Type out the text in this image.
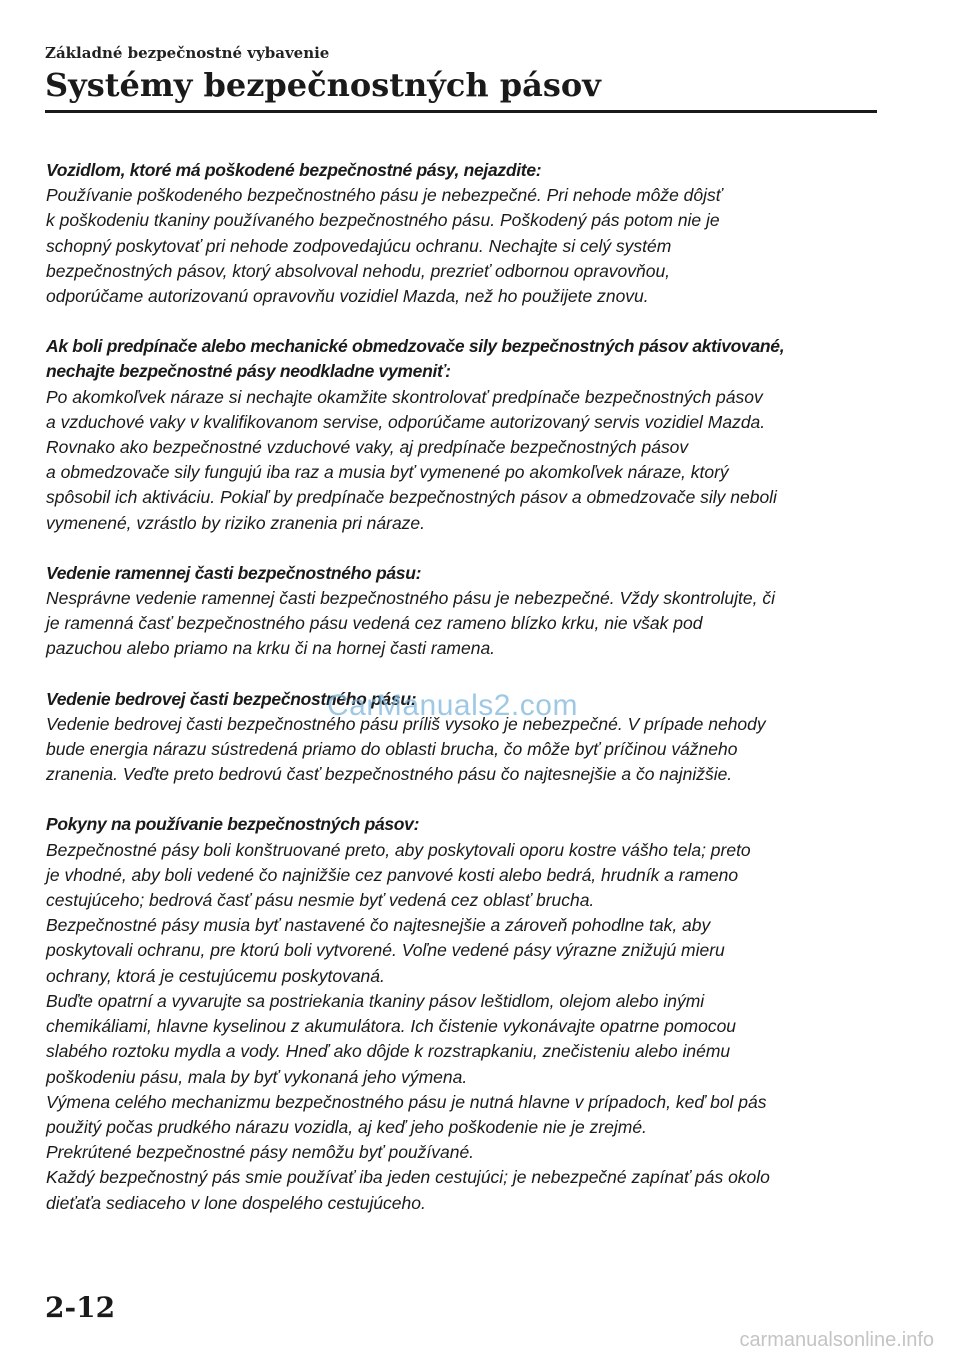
Základné bezpečnostné vybavenie
Systémy bezpečnostných pásov

Vozidlom, ktoré má poškodené bezpečnostné pásy, nejazdite:

Používanie poškodeného bezpečnostného pásu je nebezpečné. Pri nehode môže dôjsť

k poškodeniu tkaniny používaného bezpečnostného pásu. Poškodený pás potom nie je

schopný poskytovať pri nehode zodpovedajúcu ochranu. Nechajte si celý systém

bezpečnostných pásov, ktorý absolvoval nehodu, prezrieť odbornou opravovňou,

odporúčame autorizovanú opravovňu vozidiel Mazda, než ho použijete znovu.

Ak boli predpínače alebo mechanické obmedzovače sily bezpečnostných pásov aktivované,

nechajte bezpečnostné pásy neodkladne vymeniť:

Po akomkoľvek náraze si nechajte okamžite skontrolovať predpínače bezpečnostných pásov

a vzduchové vaky v kvalifikovanom servise, odporúčame autorizovaný servis vozidiel Mazda.

Rovnako ako bezpečnostné vzduchové vaky, aj predpínače bezpečnostných pásov

a obmedzovače sily fungujú iba raz a musia byť vymenené po akomkoľvek náraze, ktorý

spôsobil ich aktiváciu. Pokiaľ by predpínače bezpečnostných pásov a obmedzovače sily neboli

vymenené, vzrástlo by riziko zranenia pri náraze.

Vedenie ramennej časti bezpečnostného pásu:

Nesprávne vedenie ramennej časti bezpečnostného pásu je nebezpečné. Vždy skontrolujte, či

je ramenná časť bezpečnostného pásu vedená cez rameno blízko krku, nie však pod

pazuchou alebo priamo na krku či na hornej časti ramena.

Vedenie bedrovej časti bezpečnostného pásu:

Vedenie bedrovej časti bezpečnostného pásu príliš vysoko je nebezpečné. V prípade nehody

bude energia nárazu sústredená priamo do oblasti brucha, čo môže byť príčinou vážneho

zranenia. Veďte preto bedrovú časť bezpečnostného pásu čo najtesnejšie a čo najnižšie.

Pokyny na používanie bezpečnostných pásov:

Bezpečnostné pásy boli konštruované preto, aby poskytovali oporu kostre vášho tela; preto

je vhodné, aby boli vedené čo najnižšie cez panvové kosti alebo bedrá, hrudník a rameno

cestujúceho; bedrová časť pásu nesmie byť vedená cez oblasť brucha.

Bezpečnostné pásy musia byť nastavené čo najtesnejšie a zároveň pohodlne tak, aby

poskytovali ochranu, pre ktorú boli vytvorené. Voľne vedené pásy výrazne znižujú mieru

ochrany, ktorá je cestujúcemu poskytovaná.

Buďte opatrní a vyvarujte sa postriekania tkaniny pásov leštidlom, olejom alebo inými

chemikáliami, hlavne kyselinou z akumulátora. Ich čistenie vykonávajte opatrne pomocou

slabého roztoku mydla a vody. Hneď ako dôjde k rozstrapkaniu, znečisteniu alebo inému

poškodeniu pásu, mala by byť vykonaná jeho výmena.

Výmena celého mechanizmu bezpečnostného pásu je nutná hlavne v prípadoch, keď bol pás

použitý počas prudkého nárazu vozidla, aj keď jeho poškodenie nie je zrejmé.

Prekrútené bezpečnostné pásy nemôžu byť používané.

Každý bezpečnostný pás smie používať iba jeden cestujúci; je nebezpečné zapínať pás okolo

dieťaťa sediaceho v lone dospelého cestujúceho.

CarManuals2.com
2-12
carmanualsonline.info
